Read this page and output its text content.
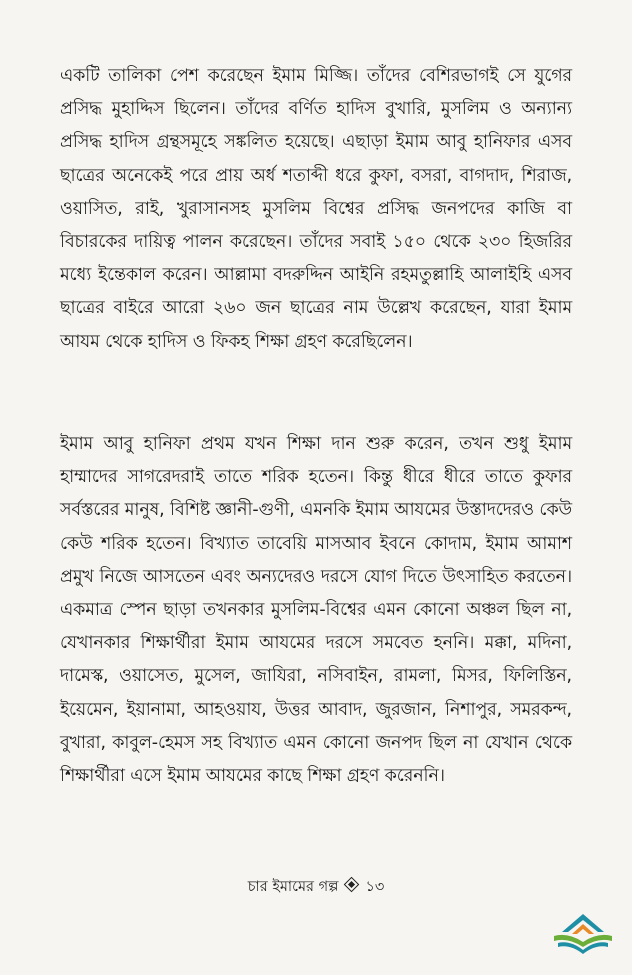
একটি তালিকা পেশ করেছেন ইমাম মিজ্জি। তাঁদের বেশিরভাগই সে যুগের প্রসিদ্ধ মুহাদ্দিস ছিলেন। তাঁদের বর্ণিত হাদিস বুখারি, মুসলিম ও অন্যান্য প্রসিদ্ধ হাদিস গ্রন্থসমূহে সঙ্কলিত হয়েছে। এছাড়া ইমাম আবু হানিফার এসব ছাত্রের অনেকেই পরে প্রায় অর্ধ শতাব্দী ধরে কুফা, বসরা, বাগদাদ, শিরাজ, ওয়াসিত, রাই, খুরাসানসহ মুসলিম বিশ্বের প্রসিদ্ধ জনপদের কাজি বা বিচারকের দায়িত্ব পালন করেছেন। তাঁদের সবাই ১৫০ থেকে ২৩০ হিজরির মধ্যে ইন্তেকাল করেন। আল্লামা বদরুদ্দিন আইনি রহমতুল্লাহি আলাইহি এসব ছাত্রের বাইরে আরো ২৬০ জন ছাত্রের নাম উল্লেখ করেছেন, যারা ইমাম আযম থেকে হাদিস ও ফিকহ শিক্ষা গ্রহণ করেছিলেন।

ইমাম আবু হানিফা প্রথম যখন শিক্ষা দান শুরু করেন, তখন শুধু ইমাম হাম্মাদের সাগরেদরাই তাতে শরিক হতেন। কিন্তু ধীরে ধীরে তাতে কুফার সর্বস্তরের মানুষ, বিশিষ্ট জ্ঞানী-গুণী, এমনকি ইমাম আযমের উস্তাদদেরও কেউ কেউ শরিক হতেন। বিখ্যাত তাবেয়ি মাসআব ইবনে কোদাম, ইমাম আমাশ প্রমুখ নিজে আসতেন এবং অন্যদেরও দরসে যোগ দিতে উৎসাহিত করতেন। একমাত্র স্পেন ছাড়া তখনকার মুসলিম-বিশ্বের এমন কোনো অঞ্চল ছিল না, যেখানকার শিক্ষার্থীরা ইমাম আযমের দরসে সমবেত হননি। মক্কা, মদিনা, দামেস্ক, ওয়াসেত, মুসেল, জাযিরা, নসিবাইন, রামলা, মিসর, ফিলিস্তিন, ইয়েমেন, ইয়ানামা, আহওয়ায, উত্তর আবাদ, জুরজান, নিশাপুর, সমরকন্দ, বুখারা, কাবুল-হেমস সহ বিখ্যাত এমন কোনো জনপদ ছিল না যেখান থেকে শিক্ষার্থীরা এসে ইমাম আযমের কাছে শিক্ষা গ্রহণ করেননি।

চার ইমামের গল্প ১৩
